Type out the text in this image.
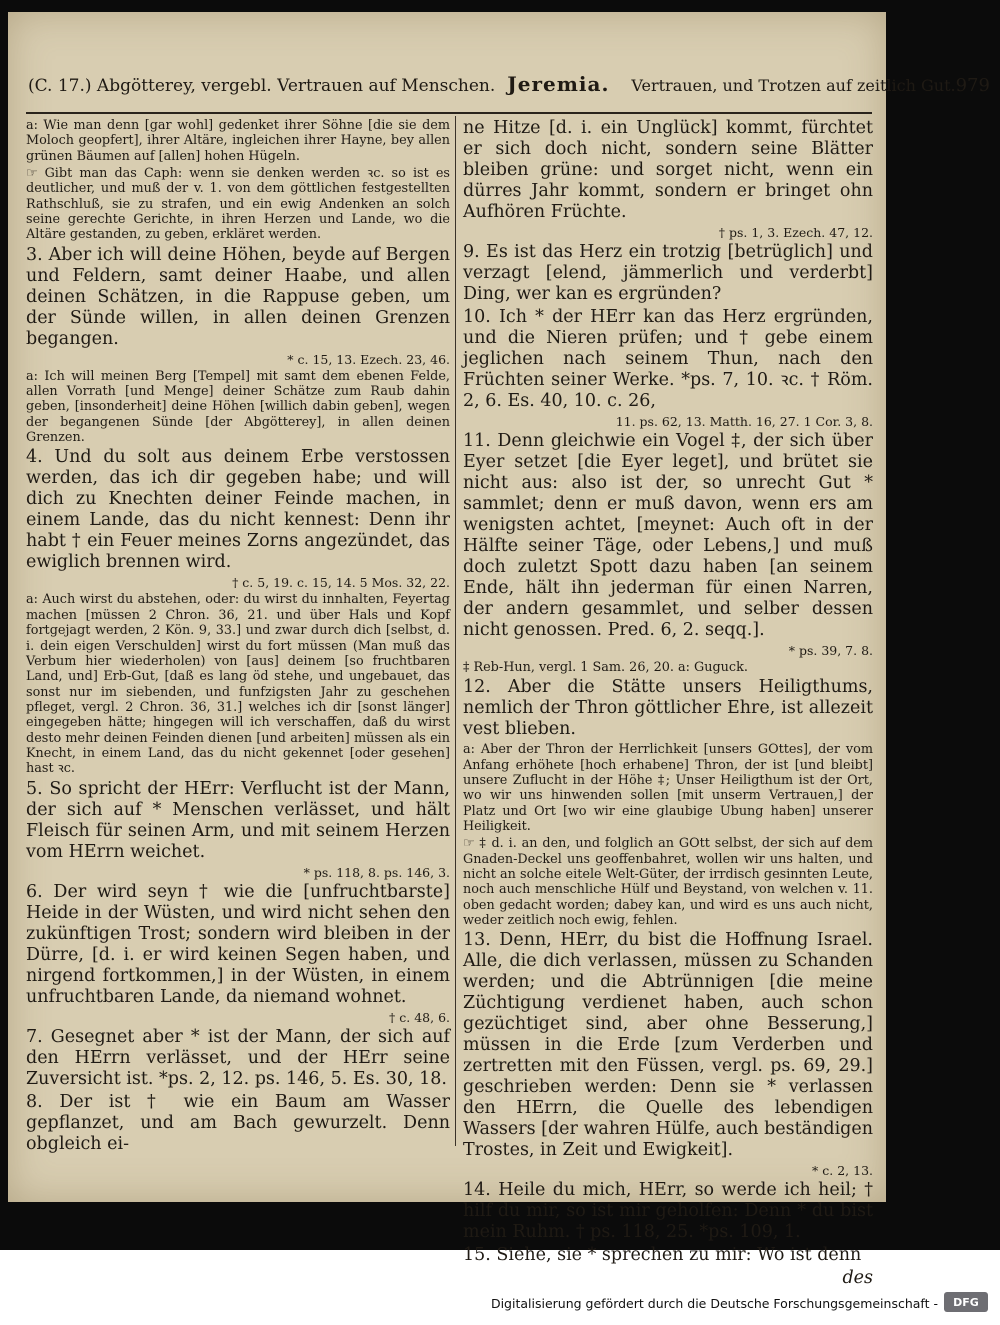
(C. 17.) Abgötterey, vergebl. Vertrauen auf Menschen. Jeremia. Vertrauen, und Trotzen auf zeitlich Gut. 979

a: Wie man denn [gar wohl] gedenket ihrer Söhne [die sie dem Moloch geopfert], ihrer Altäre, ingleichen ihrer Hayne, bey allen grünen Bäumen auf [allen] hohen Hügeln.

☞ Gibt man das Caph: wenn sie denken werden ꝛc. so ist es deutlicher, und muß der v. 1. von dem göttlichen festgestellten Rathschluß, sie zu strafen, und ein ewig Andenken an solch seine gerechte Gerichte, in ihren Herzen und Lande, wo die Altäre gestanden, zu geben, erkläret werden.

3. Aber ich will deine Höhen, beyde auf Bergen und Feldern, samt deiner Haabe, und allen deinen Schätzen, in die Rappuse geben, um der Sünde willen, in allen deinen Grenzen begangen.

* c. 15, 13. Ezech. 23, 46.

a: Ich will meinen Berg [Tempel] mit samt dem ebenen Felde, allen Vorrath [und Menge] deiner Schätze zum Raub dahin geben, [insonderheit] deine Höhen [willich dabin geben], wegen der begangenen Sünde [der Abgötterey], in allen deinen Grenzen.

4. Und du solt aus deinem Erbe verstossen werden, das ich dir gegeben habe; und will dich zu Knechten deiner Feinde machen, in einem Lande, das du nicht kennest: Denn ihr habt † ein Feuer meines Zorns angezündet, das ewiglich brennen wird.

† c. 5, 19. c. 15, 14. 5 Mos. 32, 22.

a: Auch wirst du abstehen, oder: du wirst du innhalten, Feyertag machen [müssen 2 Chron. 36, 21. und über Hals und Kopf fortgejagt werden, 2 Kön. 9, 33.] und zwar durch dich [selbst, d. i. dein eigen Verschulden] wirst du fort müssen (Man muß das Verbum hier wiederholen) von [aus] deinem [so fruchtbaren Land, und] Erb-Gut, [daß es lang öd stehe, und ungebauet, das sonst nur im siebenden, und funfzigsten Jahr zu geschehen pfleget, vergl. 2 Chron. 36, 31.] welches ich dir [sonst länger] eingegeben hätte; hingegen will ich verschaffen, daß du wirst desto mehr deinen Feinden dienen [und arbeiten] müssen als ein Knecht, in einem Land, das du nicht gekennet [oder gesehen] hast ꝛc.

5. So spricht der HErr: Verflucht ist der Mann, der sich auf * Menschen verlässet, und hält Fleisch für seinen Arm, und mit seinem Herzen vom HErrn weichet.

* ps. 118, 8. ps. 146, 3.

6. Der wird seyn † wie die [unfruchtbarste] Heide in der Wüsten, und wird nicht sehen den zukünftigen Trost; sondern wird bleiben in der Dürre, [d. i. er wird keinen Segen haben, und nirgend fortkommen,] in der Wüsten, in einem unfruchtbaren Lande, da niemand wohnet.

† c. 48, 6.

7. Gesegnet aber * ist der Mann, der sich auf den HErrn verlässet, und der HErr seine Zuversicht ist. *ps. 2, 12. ps. 146, 5. Es. 30, 18.

8. Der ist † wie ein Baum am Wasser gepflanzet, und am Bach gewurzelt. Denn obgleich ei-

ne Hitze [d. i. ein Unglück] kommt, fürchtet er sich doch nicht, sondern seine Blätter bleiben grüne: und sorget nicht, wenn ein dürres Jahr kommt, sondern er bringet ohn Aufhören Früchte.

† ps. 1, 3. Ezech. 47, 12.

9. Es ist das Herz ein trotzig [betrüglich] und verzagt [elend, jämmerlich und verderbt] Ding, wer kan es ergründen?

10. Ich * der HErr kan das Herz ergründen, und die Nieren prüfen; und † gebe einem jeglichen nach seinem Thun, nach den Früchten seiner Werke. *ps. 7, 10. ꝛc. † Röm. 2, 6. Es. 40, 10. c. 26,

11. ps. 62, 13. Matth. 16, 27. 1 Cor. 3, 8.

11. Denn gleichwie ein Vogel ‡, der sich über Eyer setzet [die Eyer leget], und brütet sie nicht aus: also ist der, so unrecht Gut * sammlet; denn er muß davon, wenn ers am wenigsten achtet, [meynet: Auch oft in der Hälfte seiner Täge, oder Lebens,] und muß doch zuletzt Spott dazu haben [an seinem Ende, hält ihn jederman für einen Narren, der andern gesammlet, und selber dessen nicht genossen. Pred. 6, 2. seqq.].

* ps. 39, 7. 8.

‡ Reb-Hun, vergl. 1 Sam. 26, 20. a: Guguck.

12. Aber die Stätte unsers Heiligthums, nemlich der Thron göttlicher Ehre, ist allezeit vest blieben.

a: Aber der Thron der Herrlichkeit [unsers GOttes], der vom Anfang erhöhete [hoch erhabene] Thron, der ist [und bleibt] unsere Zuflucht in der Höhe ‡; Unser Heiligthum ist der Ort, wo wir uns hinwenden sollen [mit unserm Vertrauen,] der Platz und Ort [wo wir eine glaubige Ubung haben] unserer Heiligkeit.

☞ ‡ d. i. an den, und folglich an GOtt selbst, der sich auf dem Gnaden-Deckel uns geoffenbahret, wollen wir uns halten, und nicht an solche eitele Welt-Güter, der irrdisch gesinnten Leute, noch auch menschliche Hülf und Beystand, von welchen v. 11. oben gedacht worden; dabey kan, und wird es uns auch nicht, weder zeitlich noch ewig, fehlen.

13. Denn, HErr, du bist die Hoffnung Israel. Alle, die dich verlassen, müssen zu Schanden werden; und die Abtrünnigen [die meine Züchtigung verdienet haben, auch schon gezüchtiget sind, aber ohne Besserung,] müssen in die Erde [zum Verderben und zertretten mit den Füssen, vergl. ps. 69, 29.] geschrieben werden: Denn sie * verlassen den HErrn, die Quelle des lebendigen Wassers [der wahren Hülfe, auch beständigen Trostes, in Zeit und Ewigkeit].

* c. 2, 13.

14. Heile du mich, HErr, so werde ich heil; † hilf du mir, so ist mir geholfen: Denn * du bist mein Ruhm. † ps. 118, 25. *ps. 109, 1.

15. Siehe, sie * sprechen zu mir: Wo ist denn

des

Digitalisierung gefördert durch die Deutsche Forschungsgemeinschaft -	DFG
